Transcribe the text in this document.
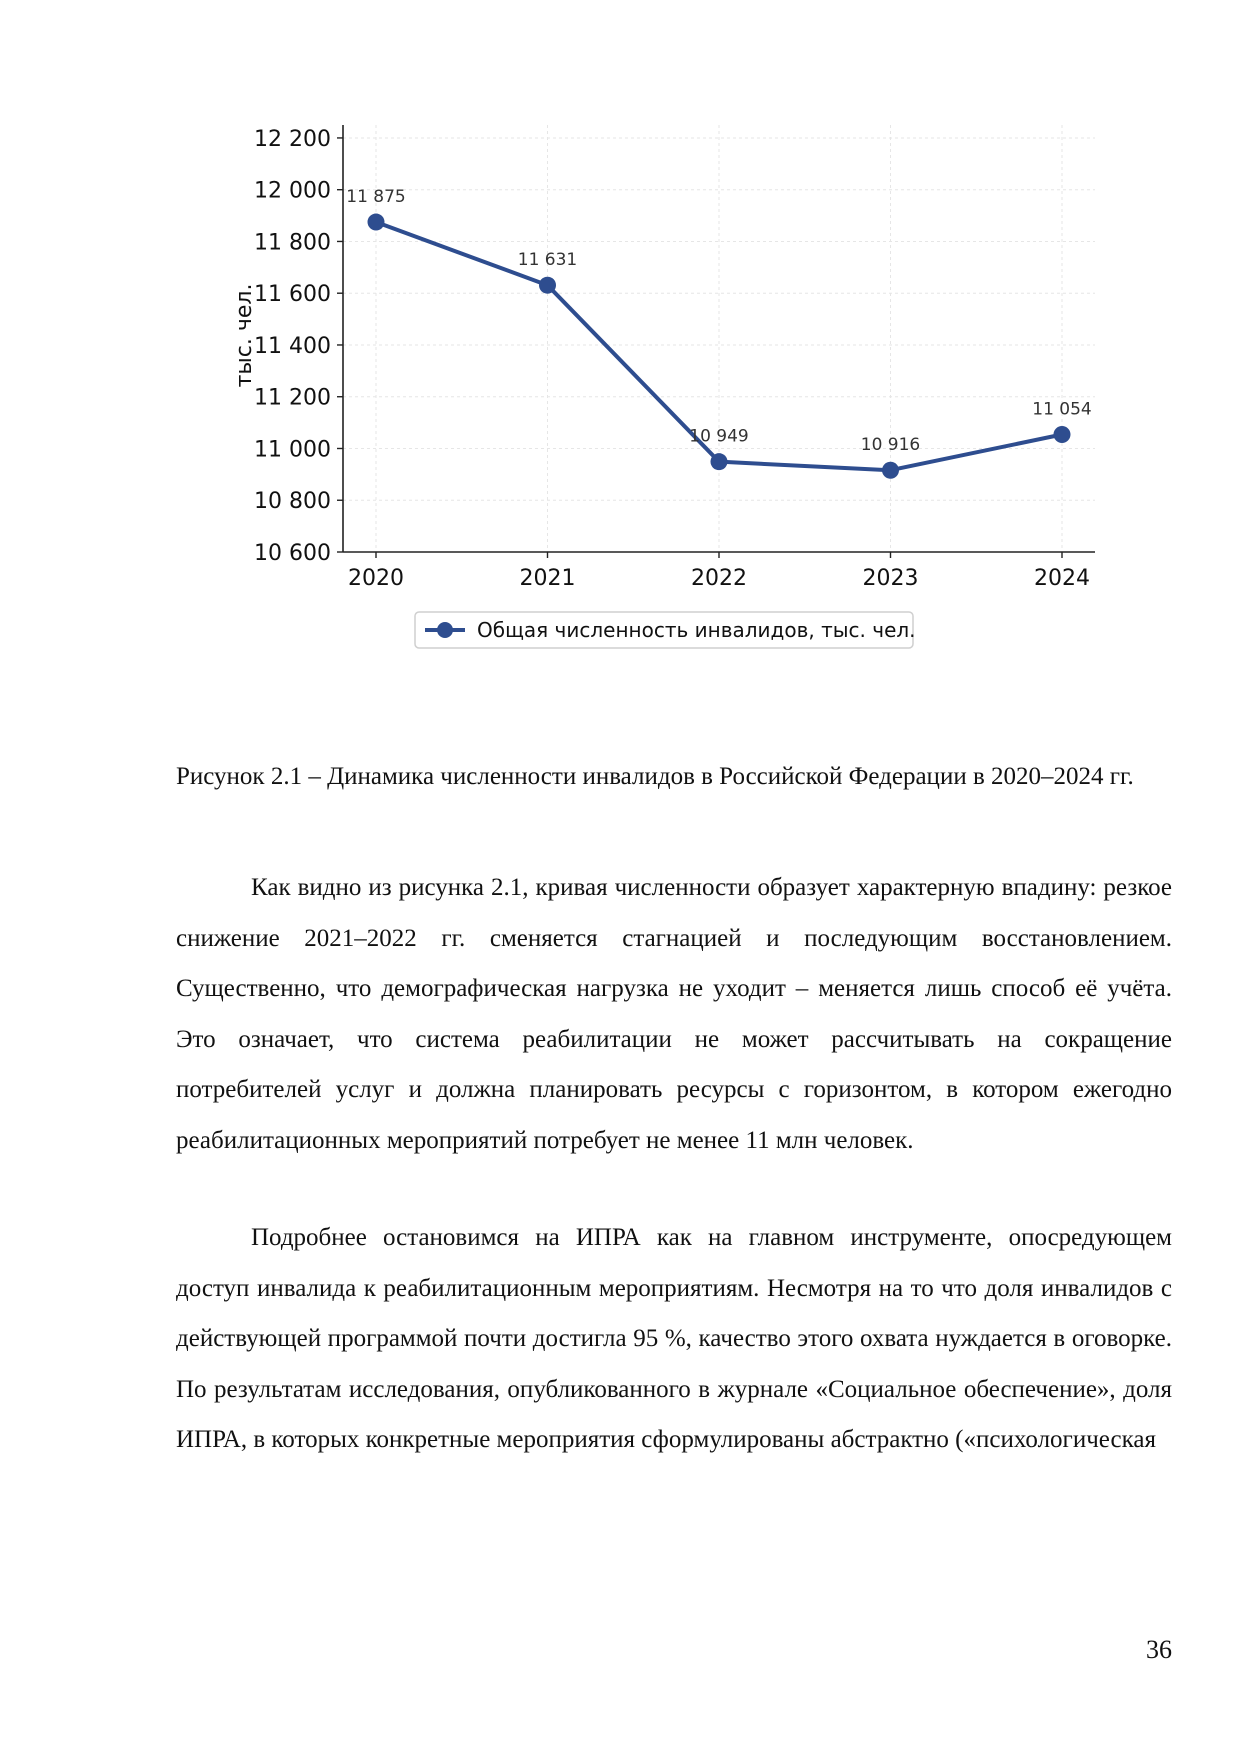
10 600
10 800
11 000
11 200
11 400
11 600
11 800
12 000
12 200
2020	2021	2022	2023	2024
тыс. чел.
11 875
11 631
10 949	10 916
11 054
Общая численность инвалидов, тыс. чел.
Рисунок 2.1 – Динамика численности инвалидов в Российской Федерации в 2020–2024 гг.

Как видно из рисунка 2.1, кривая численности образует характерную впадину: резкое снижение 2021–2022 гг. сменяется стагнацией и последующим восстановлением. Существенно, что демографическая нагрузка не уходит – меняется лишь способ её учёта. Это означает, что система реабилитации не может рассчитывать на сокращение потребителей услуг и должна планировать ресурсы с горизонтом, в котором ежегодно реабилитационных мероприятий потребует не менее 11 млн человек.

Подробнее остановимся на ИПРА как на главном инструменте, опосредующем доступ инвалида к реабилитационным мероприятиям. Несмотря на то что доля инвалидов с действующей программой почти достигла 95 %, качество этого охвата нуждается в оговорке. По результатам исследования, опубликованного в журнале «Социальное обеспечение», доля ИПРА, в которых конкретные мероприятия сформулированы абстрактно («психологическая

36
